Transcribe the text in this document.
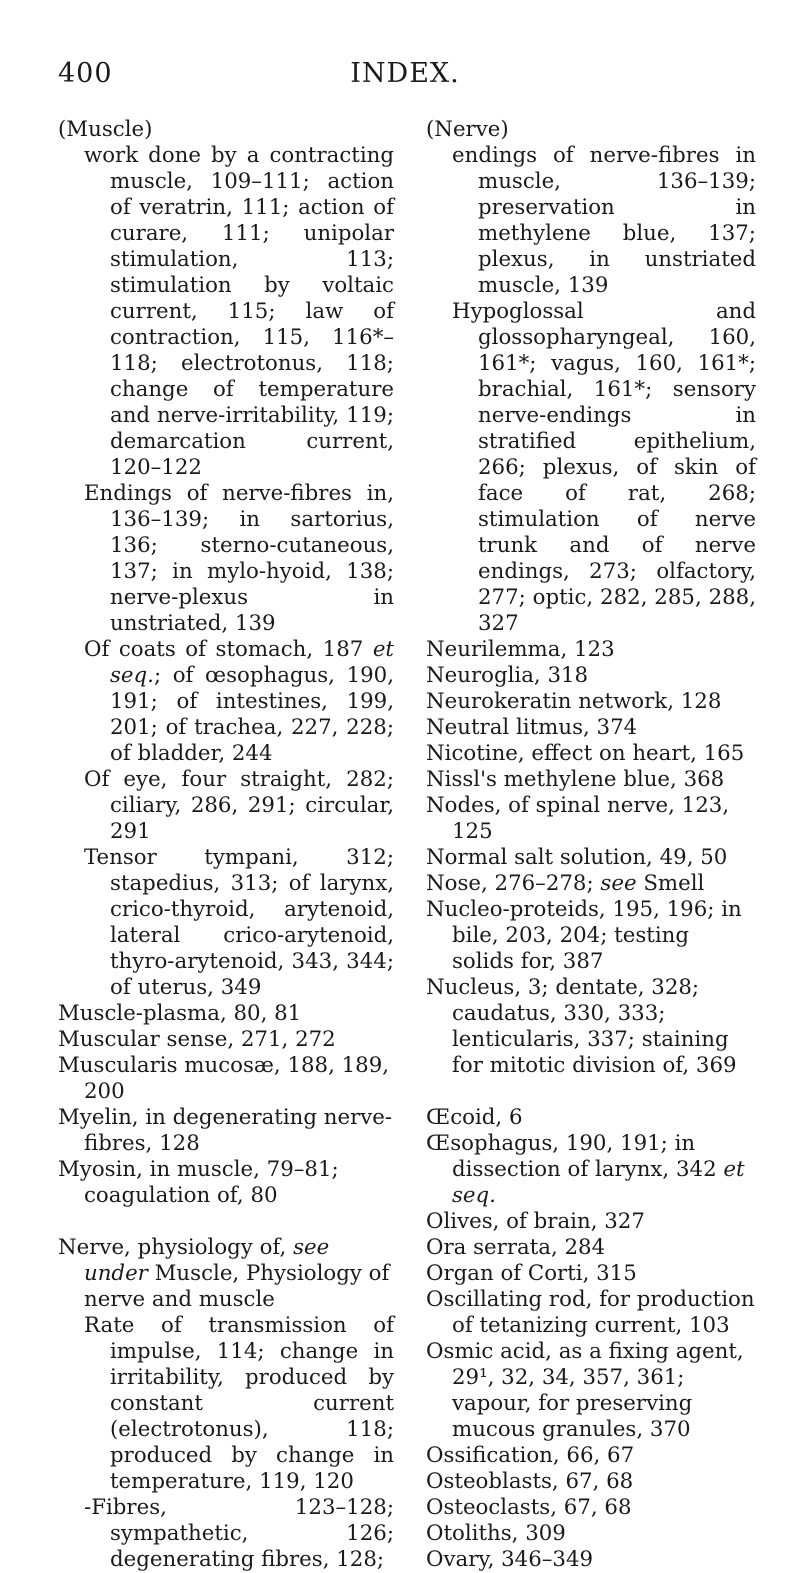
400	INDEX.

(Muscle)

work done by a contracting muscle, 109–111; action of veratrin, 111; action of curare, 111; unipolar stimulation, 113; stimulation by voltaic current, 115; law of contraction, 115, 116*–118; electrotonus, 118; change of temperature and nerve-irritability, 119; demarcation current, 120–122

Endings of nerve-fibres in, 136–139; in sartorius, 136; sterno-cutaneous, 137; in mylo-hyoid, 138; nerve-plexus in unstriated, 139

Of coats of stomach, 187 et seq.; of œsophagus, 190, 191; of intestines, 199, 201; of trachea, 227, 228; of bladder, 244

Of eye, four straight, 282; ciliary, 286, 291; circular, 291

Tensor tympani, 312; stapedius, 313; of larynx, crico-thyroid, arytenoid, lateral crico-arytenoid, thyro-arytenoid, 343, 344; of uterus, 349

Muscle-plasma, 80, 81

Muscular sense, 271, 272

Muscularis mucosæ, 188, 189, 200

Myelin, in degenerating nerve-fibres, 128

Myosin, in muscle, 79–81; coagulation of, 80

Nerve, physiology of, see under Muscle, Physiology of nerve and muscle

Rate of transmission of impulse, 114; change in irritability, produced by constant current (electrotonus), 118; produced by change in temperature, 119, 120

-Fibres, 123–128; sympathetic, 126; degenerating fibres, 128;

(Nerve)

endings of nerve-fibres in muscle, 136–139; preservation in methylene blue, 137; plexus, in unstriated muscle, 139

Hypoglossal and glossopharyngeal, 160, 161*; vagus, 160, 161*; brachial, 161*; sensory nerve-endings in stratified epithelium, 266; plexus, of skin of face of rat, 268; stimulation of nerve trunk and of nerve endings, 273; olfactory, 277; optic, 282, 285, 288, 327

Neurilemma, 123

Neuroglia, 318

Neurokeratin network, 128

Neutral litmus, 374

Nicotine, effect on heart, 165

Nissl's methylene blue, 368

Nodes, of spinal nerve, 123, 125

Normal salt solution, 49, 50

Nose, 276–278; see Smell

Nucleo-proteids, 195, 196; in bile, 203, 204; testing solids for, 387

Nucleus, 3; dentate, 328; caudatus, 330, 333; lenticularis, 337; staining for mitotic division of, 369

Œcoid, 6

Œsophagus, 190, 191; in dissection of larynx, 342 et seq.

Olives, of brain, 327

Ora serrata, 284

Organ of Corti, 315

Oscillating rod, for production of tetanizing current, 103

Osmic acid, as a fixing agent, 29¹, 32, 34, 357, 361; vapour, for preserving mucous granules, 370

Ossification, 66, 67

Osteoblasts, 67, 68

Osteoclasts, 67, 68

Otoliths, 309

Ovary, 346–349
